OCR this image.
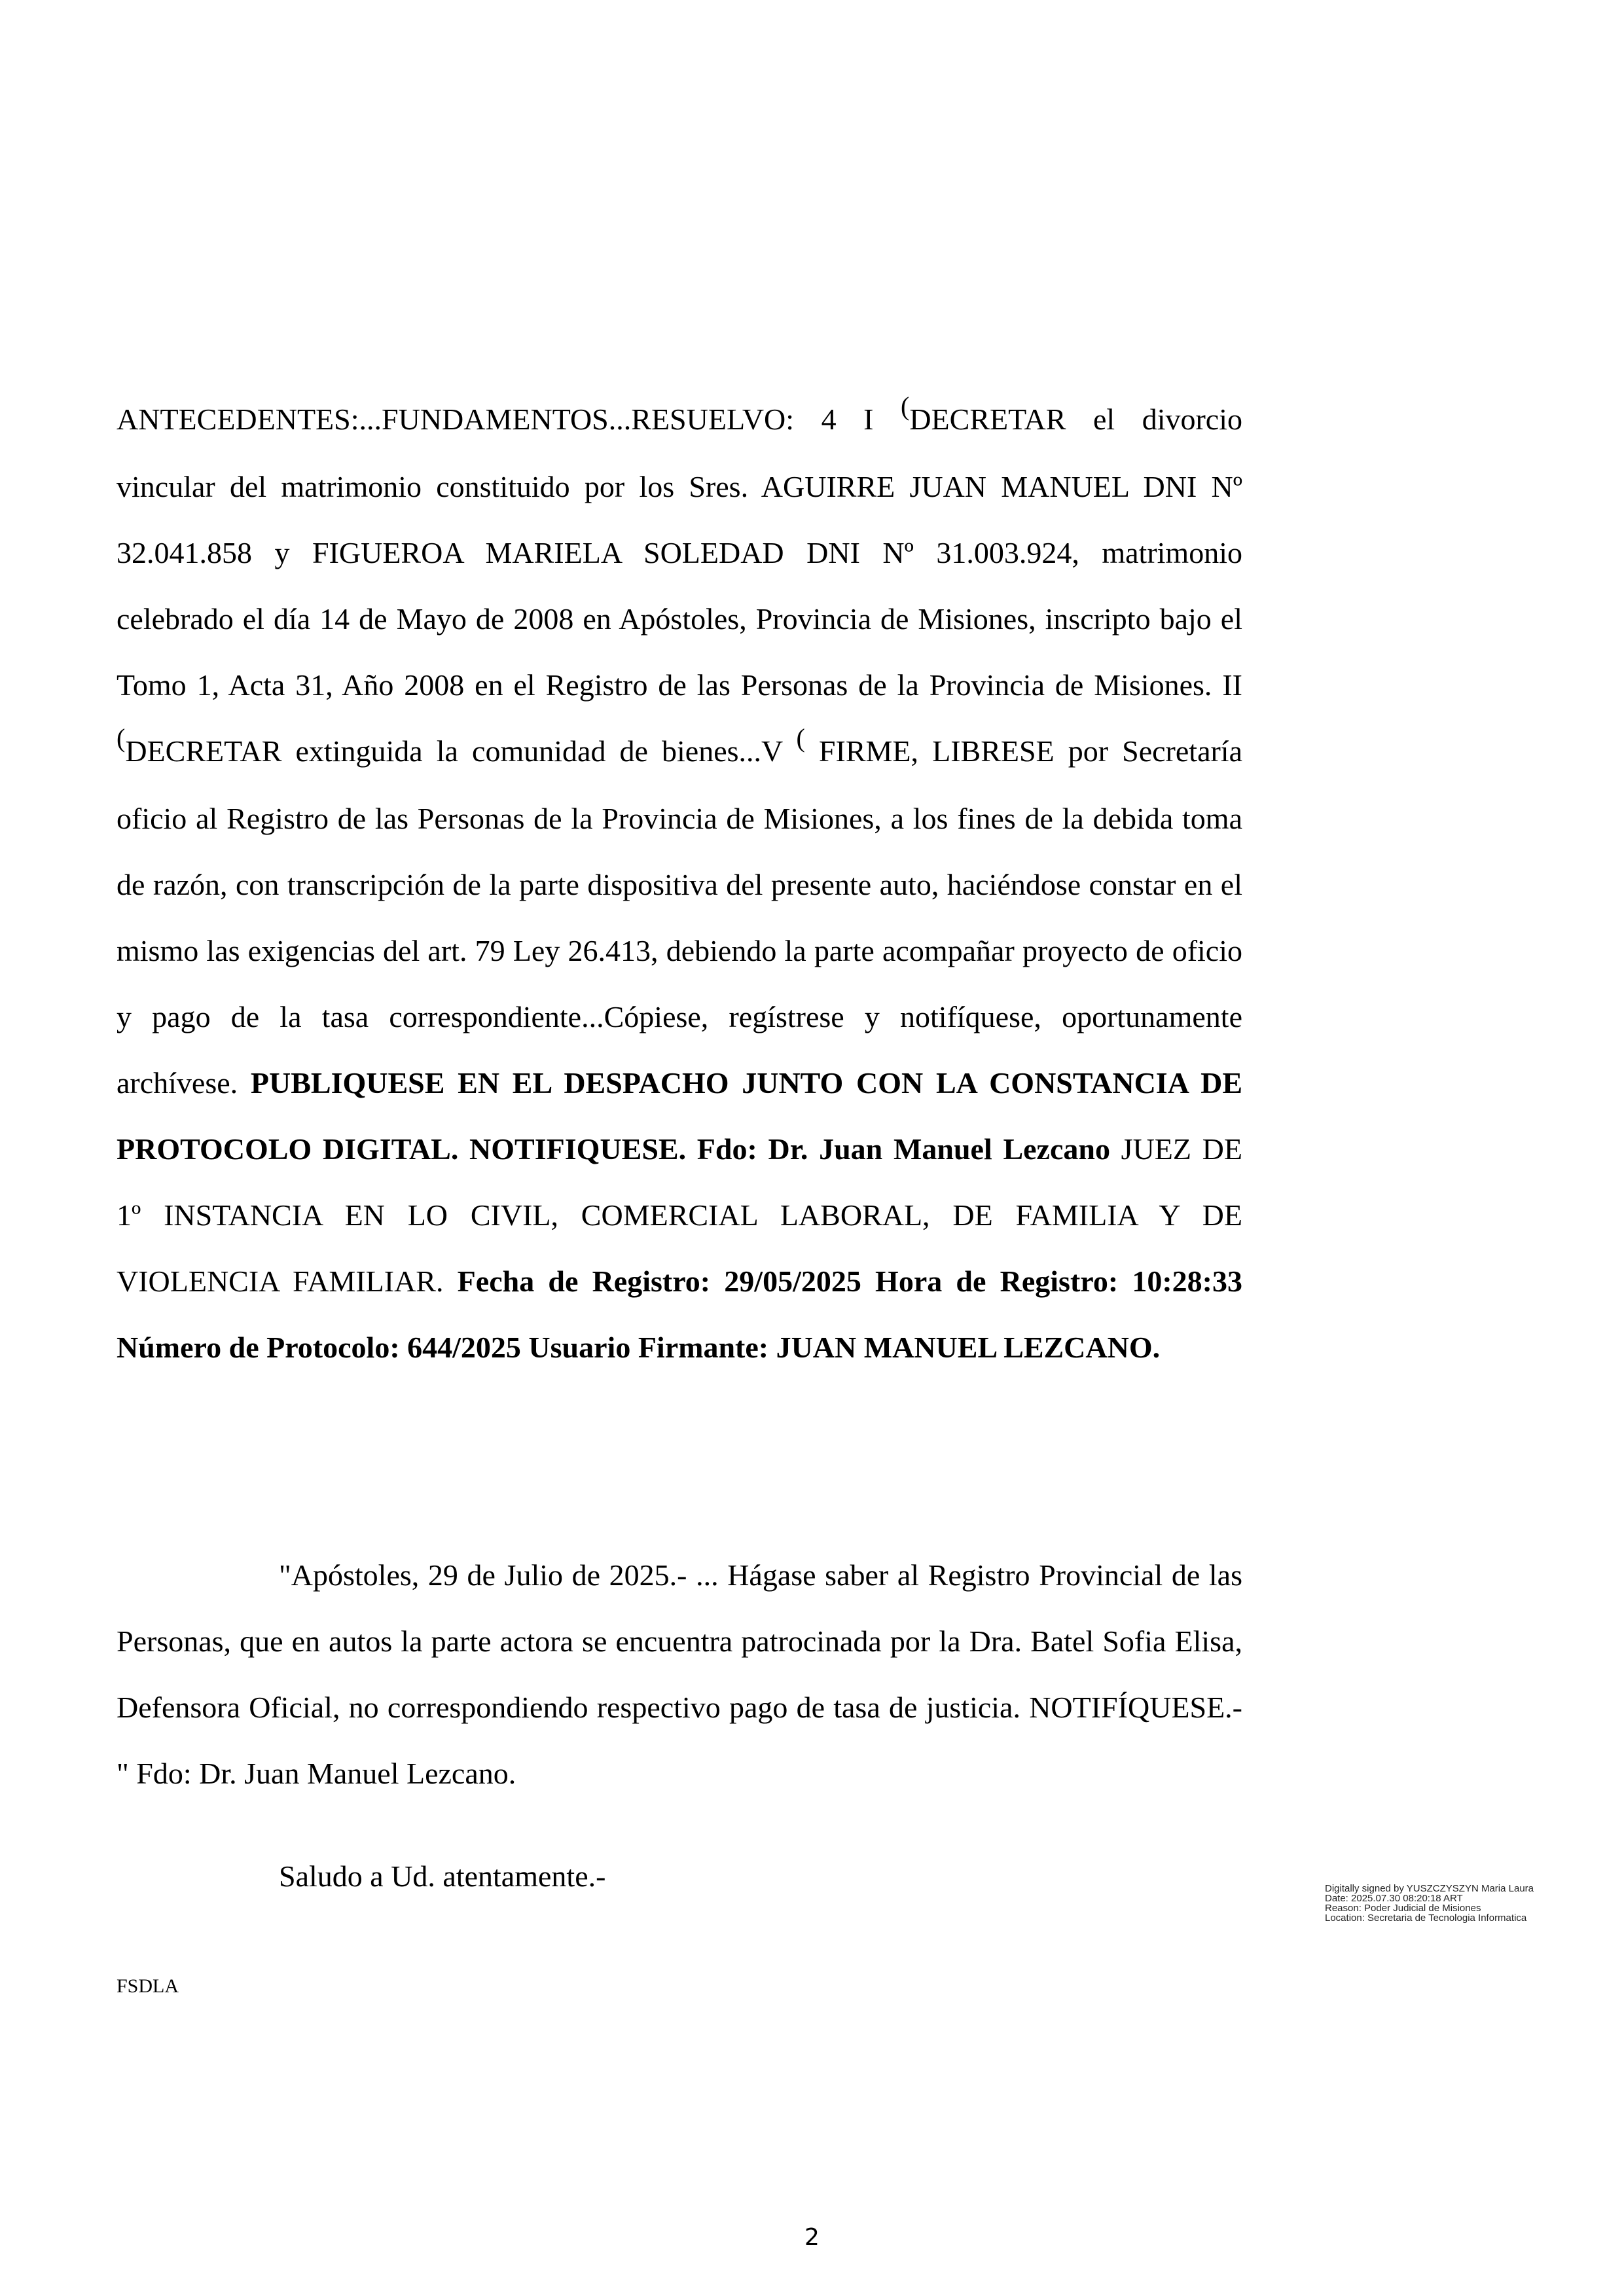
ANTECEDENTES:...FUNDAMENTOS...RESUELVO: 4 I (DECRETAR el divorcio vincular del matrimonio constituido por los Sres. AGUIRRE JUAN MANUEL DNI Nº 32.041.858 y FIGUEROA MARIELA SOLEDAD DNI Nº 31.003.924, matrimonio celebrado el día 14 de Mayo de 2008 en Apóstoles, Provincia de Misiones, inscripto bajo el Tomo 1, Acta 31, Año 2008 en el Registro de las Personas de la Provincia de Misiones. II (DECRETAR extinguida la comunidad de bienes...V ( FIRME, LIBRESE por Secretaría oficio al Registro de las Personas de la Provincia de Misiones, a los fines de la debida toma de razón, con transcripción de la parte dispositiva del presente auto, haciéndose constar en el mismo las exigencias del art. 79 Ley 26.413, debiendo la parte acompañar proyecto de oficio y pago de la tasa correspondiente...Cópiese, regístrese y notifíquese, oportunamente archívese. PUBLIQUESE EN EL DESPACHO JUNTO CON LA CONSTANCIA DE PROTOCOLO DIGITAL. NOTIFIQUESE. Fdo: Dr. Juan Manuel Lezcano JUEZ DE 1º INSTANCIA EN LO CIVIL, COMERCIAL LABORAL, DE FAMILIA Y DE VIOLENCIA FAMILIAR. Fecha de Registro: 29/05/2025 Hora de Registro: 10:28:33 Número de Protocolo: 644/2025 Usuario Firmante: JUAN MANUEL LEZCANO.

"Apóstoles, 29 de Julio de 2025.- ... Hágase saber al Registro Provincial de las Personas, que en autos la parte actora se encuentra patrocinada por la Dra. Batel Sofia Elisa, Defensora Oficial, no correspondiendo respectivo pago de tasa de justicia. NOTIFÍQUESE.-" Fdo: Dr. Juan Manuel Lezcano.

Saludo a Ud. atentamente.-

FSDLA
Digitally signed by YUSZCZYSZYN Maria Laura
Date: 2025.07.30 08:20:18 ART
Reason: Poder Judicial de Misiones
Location: Secretaria de Tecnologia Informatica
2
